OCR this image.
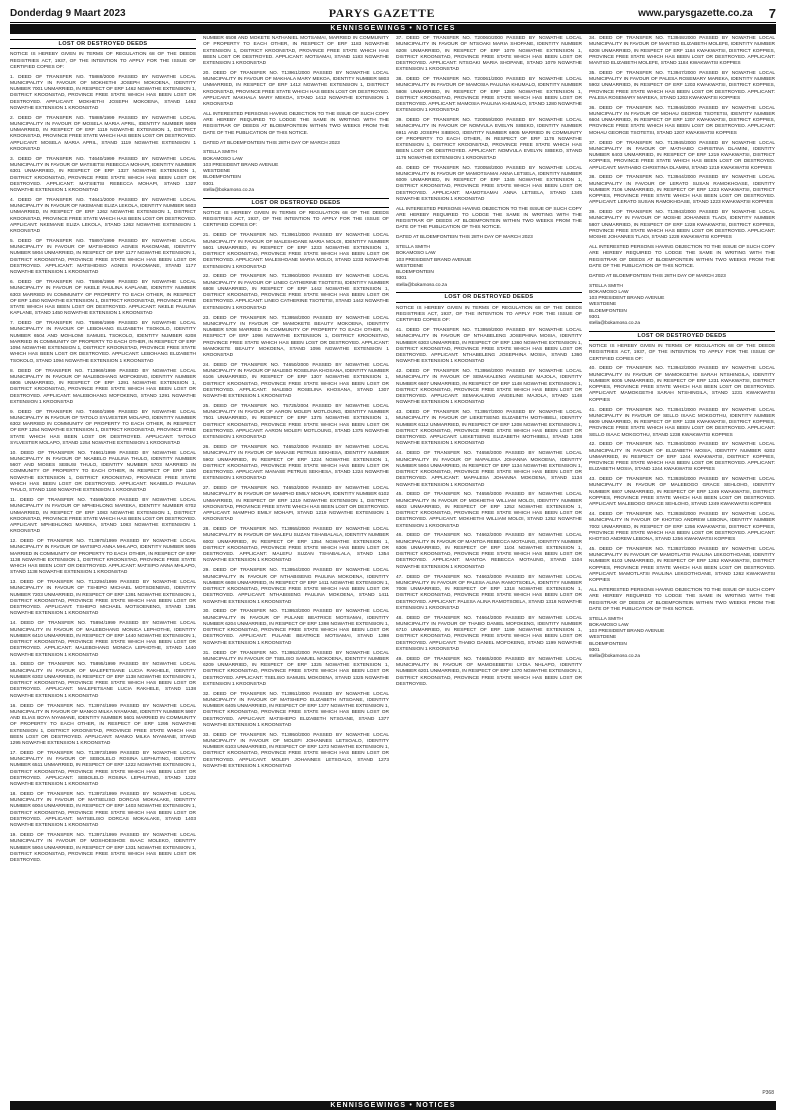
Donderdag 9 Maart 2023	PARYS GAZETTE	www.parysgazette.co.za 7
KENNISGEWINGS • NOTICES
LOST OR DESTROYED DEEDS

NOTICE IS HEREBY GIVEN IN TERMS OF REGULATION 68 OF THE DEEDS REGISTRIES ACT, 1937, OF THE INTENTION TO APPLY FOR THE ISSUE OF CERTIFIED COPIES OF:

1. DEED OF TRANSFER NO. T5888/2000 PASSED BY NGWATHE LOCAL MUNICIPALITY IN FAVOUR OF MOKHETHI JOSEPH MOKOENA, IDENTITY NUMBER 7001 UNMARRIED, IN RESPECT OF ERF 1462 NGWATHE EXTENSION 1, DISTRICT KROONSTAD, PROVINCE FREE STATE WHICH HAS BEEN LOST OR DESTROYED. APPLICANT: MOKHETHI JOSEPH MOKOENA, STAND 1462 NGWATHE EXTENSION 1 KROONSTAD

2. DEED OF TRANSFER NO. T5889/1999 PASSED BY NGWATHE LOCAL MUNICIPALITY IN FAVOUR OF MOSELA MARIA APRIL, IDENTITY NUMBER 5909 UNMARRIED, IN RESPECT OF ERF 1119 NGWATHE EXTENSION 1, DISTRICT KROONSTAD, PROVINCE FREE STATE WHICH HAS BEEN LOST OR DESTROYED. APPLICANT: MOSELA MARIA APRIL, STAND 1119 NGWATHE EXTENSION 1 KROONSTAD

3. DEED OF TRANSFER NO. T4640/1999 PASSED BY NGWATHE LOCAL MUNICIPALITY IN FAVOUR OF MATSIETSI REBECCA MOHAPI, IDENTITY NUMBER 6301 UNMARRIED, IN RESPECT OF ERF 1327 NGWATHE EXTENSION 1, DISTRICT KROONSTAD, PROVINCE FREE STATE WHICH HAS BEEN LOST OR DESTROYED. APPLICANT: MATSIETSI REBECCA MOHAPI, STAND 1327 NGWATHE EXTENSION 1 KROONSTAD

4. DEED OF TRANSFER NO. T4641/2000 PASSED BY NGWATHE LOCAL MUNICIPALITY IN FAVOUR OF NKEMANE ELIZA LEKOLA, IDENTITY NUMBER 5603 UNMARRIED, IN RESPECT OF ERF 1262 NGWATHE EXTENSION 1, DISTRICT KROONSTAD, PROVINCE FREE STATE WHICH HAS BEEN LOST OR DESTROYED. APPLICANT: NKEMANE ELIZA LEKOLA, STAND 1262 NGWATHE EXTENSION 1 KROONSTAD

5. DEED OF TRANSFER NO. T5897/1999 PASSED BY NGWATHE LOCAL MUNICIPALITY IN FAVOUR OF MATSHIDISO AGNES RAKOMANE, IDENTITY NUMBER 5904 UNMARRIED, IN RESPECT OF ERF 1177 NGWATHE EXTENSION 1, DISTRICT KROONSTAD, PROVINCE FREE STATE WHICH HAS BEEN LOST OR DESTROYED. APPLICANT: MATSHIDISO AGNES RAKOMANE, STAND 1177 NGWATHE EXTENSION 1 KROONSTAD

6. DEED OF TRANSFER NO. T5898/1999 PASSED BY NGWATHE LOCAL MUNICIPALITY IN FAVOUR OF NKELE PAULINA KAPLANE, IDENTITY NUMBER 6303 MARRIED IN COMMUNITY OF PROPERTY TO EACH OTHER, IN RESPECT OF ERF 1450 NGWATHE EXTENSION 1, DISTRICT KROONSTAD, PROVINCE FREE STATE WHICH HAS BEEN LOST OR DESTROYED. APPLICANT: NKELE PAULINA KAPLANE, STAND 1450 NGWATHE EXTENSION 1 KROONSTAD

7. DEED OF TRANSFER NO. T5898/1999 PASSED BY NGWATHE LOCAL MUNICIPALITY IN FAVOUR OF LEBOHANG ELIZABETH TSOKOLO, IDENTITY NUMBER 6504 AND MOHLOMI SAMUEL TSOKOLO, IDENTITY NUMBER 6208 MARRIED IN COMMUNITY OF PROPERTY TO EACH OTHER, IN RESPECT OF ERF 1094 NGWATHE EXTENSION 1, DISTRICT KROONSTAD, PROVINCE FREE STATE WHICH HAS BEEN LOST OR DESTROYED. APPLICANT: LEBOHANG ELIZABETH TSOKOLO, STAND 1094 NGWATHE EXTENSION 1 KROONSTAD

8. DEED OF TRANSFER NO. T13969/1999 PASSED BY NGWATHE LOCAL MUNICIPALITY IN FAVOUR OF MALEBOHANG MOFOKENG, IDENTITY NUMBER 6806 UNMARRIED, IN RESPECT OF ERF 1291 NGWATHE EXTENSION 1, DISTRICT KROONSTAD, PROVINCE FREE STATE WHICH HAS BEEN LOST OR DESTROYED. APPLICANT: MALEBOHANG MOFOKENG, STAND 1291 NGWATHE EXTENSION 1 KROONSTAD

9. DEED OF TRANSFER NO. T4660/1999 PASSED BY NGWATHE LOCAL MUNICIPALITY IN FAVOUR OF TATOLO SYLVESTER MOLAPO, IDENTITY NUMBER 6302 MARRIED IN COMMUNITY OF PROPERTY TO EACH OTHER, IN RESPECT OF ERF 1254 NGWATHE EXTENSION 1, DISTRICT KROONSTAD, PROVINCE FREE STATE WHICH HAS BEEN LOST OR DESTROYED. APPLICANT: TATOLO SYLVESTER MOLAPO, STAND 1254 NGWATHE EXTENSION 1 KROONSTAD

10. DEED OF TRANSFER NO. T4661/1999 PASSED BY NGWATHE LOCAL MUNICIPALITY IN FAVOUR OF NKABELO PAULINA THULO, IDENTITY NUMBER 5607 AND MOSES SEBUSI THULO, IDENTITY NUMBER 5703 MARRIED IN COMMUNITY OF PROPERTY TO EACH OTHER, IN RESPECT OF ERF 1160 NGWATHE EXTENSION 1, DISTRICT KROONSTAD, PROVINCE FREE STATE WHICH HAS BEEN LOST OR DESTROYED. APPLICANT: NKABELO PAULINA THULO, STAND 1160 NGWATHE EXTENSION 1 KROONSTAD

11. DEED OF TRANSFER NO. T4599/2000 PASSED BY NGWATHE LOCAL MUNICIPALITY IN FAVOUR OF MPHEHLONG MAREKA, IDENTITY NUMBER 6702 UNMARRIED, IN RESPECT OF ERF 1083 NGWATHE EXTENSION 1, DISTRICT KROONSTAD, PROVINCE FREE STATE WHICH HAS BEEN LOST OR DESTROYED. APPLICANT: MPHEHLONG MAREKA, STAND 1083 NGWATHE EXTENSION 1 KROONSTAD

12. DEED OF TRANSFER NO. T13975/1999 PASSED BY NGWATHE LOCAL MUNICIPALITY IN FAVOUR OF MATSIPO ANNA MHLAPO, IDENTITY NUMBER 5905 MARRIED IN COMMUNITY OF PROPERTY TO EACH OTHER, IN RESPECT OF ERF 1138 NGWATHE EXTENSION 1, DISTRICT KROONSTAD, PROVINCE FREE STATE WHICH HAS BEEN LOST OR DESTROYED. APPLICANT: MATSIPO ANNA MHLAPO, STAND 1138 NGWATHE EXTENSION 1 KROONSTAD

13. DEED OF TRANSFER NO. T12294/1999 PASSED BY NGWATHE LOCAL MUNICIPALITY IN FAVOUR OF TSHEPO MICHAEL MOTSOENENG, IDENTITY NUMBER 7203 UNMARRIED, IN RESPECT OF ERF 1391 NGWATHE EXTENSION 1, DISTRICT KROONSTAD, PROVINCE FREE STATE WHICH HAS BEEN LOST OR DESTROYED. APPLICANT: TSHEPO MICHAEL MOTSOENENG, STAND 1391 NGWATHE EXTENSION 1 KROONSTAD

14. DEED OF TRANSFER NO. T5894/1999 PASSED BY NGWATHE LOCAL MUNICIPALITY IN FAVOUR OF MALEBOHANG MONICA LEPHOTHE, IDENTITY NUMBER 6410 UNMARRIED, IN RESPECT OF ERF 1440 NGWATHE EXTENSION 1, DISTRICT KROONSTAD, PROVINCE FREE STATE WHICH HAS BEEN LOST OR DESTROYED. APPLICANT: MALEBOHANG MONICA LEPHOTHE, STAND 1440 NGWATHE EXTENSION 1 KROONSTAD

15. DEED OF TRANSFER NO. T5895/1999 PASSED BY NGWATHE LOCAL MUNICIPALITY IN FAVOUR OF MALEFETSANE LUCIA RAKHELE, IDENTITY NUMBER 6302 UNMARRIED, IN RESPECT OF ERF 1138 NGWATHE EXTENSION 1, DISTRICT KROONSTAD, PROVINCE FREE STATE WHICH HAS BEEN LOST OR DESTROYED. APPLICANT: MALEFETSANE LUCIA RAKHELE, STAND 1138 NGWATHE EXTENSION 1 KROONSTAD

16. DEED OF TRANSFER NO. T13974/1999 PASSED BY NGWATHE LOCAL MUNICIPALITY IN FAVOUR OF MANKO MILKA NYAMANE, IDENTITY NUMBER 5907 AND ELIAS BOYA NYAMANE, IDENTITY NUMBER 5601 MARRIED IN COMMUNITY OF PROPERTY TO EACH OTHER, IN RESPECT OF ERF 1295 NGWATHE EXTENSION 1, DISTRICT KROONSTAD, PROVINCE FREE STATE WHICH HAS BEEN LOST OR DESTROYED. APPLICANT: MANKO MILKA NYAMANE, STAND 1295 NGWATHE EXTENSION 1 KROONSTAD

17. DEED OF TRANSFER NO. T13973/1999 PASSED BY NGWATHE LOCAL MUNICIPALITY IN FAVOUR OF SEBOLELO ROSINA LEPHUTING, IDENTITY NUMBER 6511 UNMARRIED, IN RESPECT OF ERF 1222 NGWATHE EXTENSION 1, DISTRICT KROONSTAD, PROVINCE FREE STATE WHICH HAS BEEN LOST OR DESTROYED. APPLICANT: SEBOLELO ROSINA LEPHUTING, STAND 1222 NGWATHE EXTENSION 1 KROONSTAD

18. DEED OF TRANSFER NO. T13972/1999 PASSED BY NGWATHE LOCAL MUNICIPALITY IN FAVOUR OF MATSELISO DORCAS MOKALAKE, IDENTITY NUMBER 6004 UNMARRIED, IN RESPECT OF ERF 1403 NGWATHE EXTENSION 1, DISTRICT KROONSTAD, PROVINCE FREE STATE WHICH HAS BEEN LOST OR DESTROYED. APPLICANT: MATSELISO DORCAS MOKALAKE, STAND 1403 NGWATHE EXTENSION 1 KROONSTAD

19. DEED OF TRANSFER NO. T13971/1999 PASSED BY NGWATHE LOCAL MUNICIPALITY IN FAVOUR OF MOSHOESHOE ISAAC MOLEKO, IDENTITY NUMBER 5904 UNMARRIED, IN RESPECT OF ERF 1331 NGWATHE EXTENSION 1, DISTRICT KROONSTAD, PROVINCE FREE STATE WHICH HAS BEEN LOST OR DESTROYED.

NUMBER 6508 AND MOKETE NATHANIEL MOTSAMAI, MARRIED IN COMMUNITY OF PROPERTY TO EACH OTHER, IN RESPECT OF ERF 1183 NGWATHE EXTENSION 1, DISTRICT KROONSTAD, PROVINCE FREE STATE WHICH HAS BEEN LOST OR DESTROYED. APPLICANT: MOTSAMAI, STAND 1183 NGWATHE EXTENSION 1 KROONSTAD

20. DEED OF TRANSFER NO. T13961/2000 PASSED BY NGWATHE LOCAL MUNICIPALITY IN FAVOUR OF MAKHALA MARY MEKOA, IDENTITY NUMBER 5803 UNMARRIED, IN RESPECT OF ERF 1412 NGWATHE EXTENSION 1, DISTRICT KROONSTAD, PROVINCE FREE STATE WHICH HAS BEEN LOST OR DESTROYED. APPLICANT: MAKHALA MARY MEKOA, STAND 1412 NGWATHE EXTENSION 1 KROONSTAD

ALL INTERESTED PERSONS HAVING OBJECTION TO THE ISSUE OF SUCH COPY ARE HEREBY REQUIRED TO LODGE THE SAME IN WRITING WITH THE REGISTRAR OF DEEDS AT BLOEMFONTEIN WITHIN TWO WEEKS FROM THE DATE OF THE PUBLICATION OF THIS NOTICE.

DATED AT BLOEMFONTEIN THIS 28TH DAY OF MARCH 2023

STELLA SMITH
BOKAMOSO LAW
103 PRESIDENT BRAND AVENUE
WESTDENE
BLOEMFONTEIN
9301
stella@bokamoso.co.za
LOST OR DESTROYED DEEDS

NOTICE IS HEREBY GIVEN IN TERMS OF REGULATION 68 OF THE DEEDS REGISTRIES ACT, 1937, OF THE INTENTION TO APPLY FOR THE ISSUE OF CERTIFIED COPIES OF:

21. DEED OF TRANSFER NO. T13961/2000 PASSED BY NGWATHE LOCAL MUNICIPALITY IN FAVOUR OF MALESHOANE MARIA MOLOI, IDENTITY NUMBER 5601 UNMARRIED, IN RESPECT OF ERF 1233 NGWATHE EXTENSION 1, DISTRICT KROONSTAD, PROVINCE FREE STATE WHICH HAS BEEN LOST OR DESTROYED. APPLICANT: MALESHOANE MARIA MOLOI, STAND 1233 NGWATHE EXTENSION 1 KROONSTAD

22. DEED OF TRANSFER NO. T13960/2000 PASSED BY NGWATHE LOCAL MUNICIPALITY IN FAVOUR OF LINEO CATHERINE TSOTETSI, IDENTITY NUMBER 6808 UNMARRIED, IN RESPECT OF ERF 1442 NGWATHE EXTENSION 1, DISTRICT KROONSTAD, PROVINCE FREE STATE WHICH HAS BEEN LOST OR DESTROYED. APPLICANT: LINEO CATHERINE TSOTETSI, STAND 1442 NGWATHE EXTENSION 1 KROONSTAD

23. DEED OF TRANSFER NO. T13958/2000 PASSED BY NGWATHE LOCAL MUNICIPALITY IN FAVOUR OF MAMOKETE BEAUTY MOKOENA, IDENTITY NUMBER 5708 MARRIED IN COMMUNITY OF PROPERTY TO EACH OTHER, IN RESPECT OF ERF 1096 NGWATHE EXTENSION 1, DISTRICT KROONSTAD, PROVINCE FREE STATE WHICH HAS BEEN LOST OR DESTROYED. APPLICANT: MAMOKETE BEAUTY MOKOENA, STAND 1096 NGWATHE EXTENSION 1 KROONSTAD

24. DEED OF TRANSFER NO. T4650/2000 PASSED BY NGWATHE LOCAL MUNICIPALITY IN FAVOUR OF MALEBO ROSELINA KHOSANA, IDENTITY NUMBER 6106 UNMARRIED, IN RESPECT OF ERF 1307 NGWATHE EXTENSION 1, DISTRICT KROONSTAD, PROVINCE FREE STATE WHICH HAS BEEN LOST OR DESTROYED. APPLICANT: MALEBO ROSELINA KHOSANA, STAND 1307 NGWATHE EXTENSION 1 KROONSTAD

25. DEED OF TRANSFER NO. T5725/2004 PASSED BY NGWATHE LOCAL MUNICIPALITY IN FAVOUR OF AARON MOLEFI MOTLOUNG, IDENTITY NUMBER 7501 UNMARRIED, IN RESPECT OF ERF 1375 NGWATHE EXTENSION 1, DISTRICT KROONSTAD, PROVINCE FREE STATE WHICH HAS BEEN LOST OR DESTROYED. APPLICANT: AARON MOLEFI MOTLOUNG, STAND 1375 NGWATHE EXTENSION 1 KROONSTAD

26. DEED OF TRANSFER NO. T4652/2000 PASSED BY NGWATHE LOCAL MUNICIPALITY IN FAVOUR OF MANASE PETRUS SEKHESA, IDENTITY NUMBER 5902 UNMARRIED, IN RESPECT OF ERF 1224 NGWATHE EXTENSION 1, DISTRICT KROONSTAD, PROVINCE FREE STATE WHICH HAS BEEN LOST OR DESTROYED. APPLICANT: MANASE PETRUS SEKHESA, STAND 1224 NGWATHE EXTENSION 1 KROONSTAD

27. DEED OF TRANSFER NO. T4653/2000 PASSED BY NGWATHE LOCAL MUNICIPALITY IN FAVOUR OF MAMPHO EMILY MOHAPI, IDENTITY NUMBER 6102 UNMARRIED, IN RESPECT OF ERF 1219 NGWATHE EXTENSION 1, DISTRICT KROONSTAD, PROVINCE FREE STATE WHICH HAS BEEN LOST OR DESTROYED. APPLICANT: MAMPHO EMILY MOHAPI, STAND 1219 NGWATHE EXTENSION 1 KROONSTAD

28. DEED OF TRANSFER NO. T13955/2000 PASSED BY NGWATHE LOCAL MUNICIPALITY IN FAVOUR OF MALEFU SUZAN TSHABALALA, IDENTITY NUMBER 6002 UNMARRIED, IN RESPECT OF ERF 1354 NGWATHE EXTENSION 1, DISTRICT KROONSTAD, PROVINCE FREE STATE WHICH HAS BEEN LOST OR DESTROYED. APPLICANT: MALEFU SUZAN TSHABALALA, STAND 1354 NGWATHE EXTENSION 1 KROONSTAD

29. DEED OF TRANSFER NO. T13954/2000 PASSED BY NGWATHE LOCAL MUNICIPALITY IN FAVOUR OF NTHABISENG PAULINA MOKOENA, IDENTITY NUMBER 6608 UNMARRIED, IN RESPECT OF ERF 1411 NGWATHE EXTENSION 1, DISTRICT KROONSTAD, PROVINCE FREE STATE WHICH HAS BEEN LOST OR DESTROYED. APPLICANT: NTHABISENG PAULINA MOKOENA, STAND 1411 NGWATHE EXTENSION 1 KROONSTAD

30. DEED OF TRANSFER NO. T13953/2000 PASSED BY NGWATHE LOCAL MUNICIPALITY IN FAVOUR OF PULANE BEATRICE MOTSAMAI, IDENTITY NUMBER 6204 UNMARRIED, IN RESPECT OF ERF 1398 NGWATHE EXTENSION 1, DISTRICT KROONSTAD, PROVINCE FREE STATE WHICH HAS BEEN LOST OR DESTROYED. APPLICANT: PULANE BEATRICE MOTSAMAI, STAND 1398 NGWATHE EXTENSION 1 KROONSTAD

31. DEED OF TRANSFER NO. T13952/2000 PASSED BY NGWATHE LOCAL MUNICIPALITY IN FAVOUR OF TSELISO SAMUEL MOKOENA, IDENTITY NUMBER 6209 UNMARRIED, IN RESPECT OF ERF 1325 NGWATHE EXTENSION 1, DISTRICT KROONSTAD, PROVINCE FREE STATE WHICH HAS BEEN LOST OR DESTROYED. APPLICANT: TSELISO SAMUEL MOKOENA, STAND 1325 NGWATHE EXTENSION 1 KROONSTAD

32. DEED OF TRANSFER NO. T13951/2000 PASSED BY NGWATHE LOCAL MUNICIPALITY IN FAVOUR OF MATSHEPO ELIZABETH NTSOANE, IDENTITY NUMBER 6405 UNMARRIED, IN RESPECT OF ERF 1377 NGWATHE EXTENSION 1, DISTRICT KROONSTAD, PROVINCE FREE STATE WHICH HAS BEEN LOST OR DESTROYED. APPLICANT: MATSHEPO ELIZABETH NTSOANE, STAND 1377 NGWATHE EXTENSION 1 KROONSTAD

33. DEED OF TRANSFER NO. T13950/2000 PASSED BY NGWATHE LOCAL MUNICIPALITY IN FAVOUR OF MOLEFI JOHANNES LETSOALO, IDENTITY NUMBER 6103 UNMARRIED, IN RESPECT OF ERF 1273 NGWATHE EXTENSION 1, DISTRICT KROONSTAD, PROVINCE FREE STATE WHICH HAS BEEN LOST OR DESTROYED. APPLICANT: MOLEFI JOHANNES LETSOALO, STAND 1273 NGWATHE EXTENSION 1 KROONSTAD

37. DEED OF TRANSFER NO. T20060/2000 PASSED BY NGWATHE LOCAL MUNICIPALITY IN FAVOUR OF NTSOAKI MARIA SHOPANE, IDENTITY NUMBER 6208 UNMARRIED, IN RESPECT OF ERF 1079 NGWATHE EXTENSION 1, DISTRICT KROONSTAD, PROVINCE FREE STATE WHICH HAS BEEN LOST OR DESTROYED. APPLICANT: NTSOAKI MARIA SHOPANE, STAND 1079 NGWATHE EXTENSION 1 KROONSTAD

38. DEED OF TRANSFER NO. T20061/2000 PASSED BY NGWATHE LOCAL MUNICIPALITY IN FAVOUR OF MAMOSIA PAULINA KHUMALO, IDENTITY NUMBER 5808 UNMARRIED, IN RESPECT OF ERF 1280 NGWATHE EXTENSION 1, DISTRICT KROONSTAD, PROVINCE FREE STATE WHICH HAS BEEN LOST OR DESTROYED. APPLICANT: MAMOSIA PAULINA KHUMALO, STAND 1280 NGWATHE EXTENSION 1 KROONSTAD

39. DEED OF TRANSFER NO. T20059/2000 PASSED BY NGWATHE LOCAL MUNICIPALITY IN FAVOUR OF NOMVULA EVELYN SIBEKO, IDENTITY NUMBER 6911 AND JOSEPH SIBEKO, IDENTITY NUMBER 6805 MARRIED IN COMMUNITY OF PROPERTY TO EACH OTHER, IN RESPECT OF ERF 1176 NGWATHE EXTENSION 1, DISTRICT KROONSTAD, PROVINCE FREE STATE WHICH HAS BEEN LOST OR DESTROYED. APPLICANT: NOMVULA EVELYN SIBEKO, STAND 1176 NGWATHE EXTENSION 1 KROONSTAD

40. DEED OF TRANSFER NO. T20058/2000 PASSED BY NGWATHE LOCAL MUNICIPALITY IN FAVOUR OF MAMOTSAMAI ANNA LETSELA, IDENTITY NUMBER 6009 UNMARRIED, IN RESPECT OF ERF 1345 NGWATHE EXTENSION 1, DISTRICT KROONSTAD, PROVINCE FREE STATE WHICH HAS BEEN LOST OR DESTROYED. APPLICANT: MAMOTSAMAI ANNA LETSELA, STAND 1345 NGWATHE EXTENSION 1 KROONSTAD

ALL INTERESTED PERSONS HAVING OBJECTION TO THE ISSUE OF SUCH COPY ARE HEREBY REQUIRED TO LODGE THE SAME IN WRITING WITH THE REGISTRAR OF DEEDS AT BLOEMFONTEIN WITHIN TWO WEEKS FROM THE DATE OF THE PUBLICATION OF THIS NOTICE.

DATED AT BLOEMFONTEIN THIS 28TH DAY OF MARCH 2023

STELLA SMITH
BOKAMOSO LAW
103 PRESIDENT BRAND AVENUE
WESTDENE
BLOEMFONTEIN
9301
stella@bokamoso.co.za
LOST OR DESTROYED DEEDS

NOTICE IS HEREBY GIVEN IN TERMS OF REGULATION 68 OF THE DEEDS REGISTRIES ACT, 1937, OF THE INTENTION TO APPLY FOR THE ISSUE OF CERTIFIED COPIES OF:

41. DEED OF TRANSFER NO. T13959/2000 PASSED BY NGWATHE LOCAL MUNICIPALITY IN FAVOUR OF NTHABELENG JOSEPHINA MOSIA, IDENTITY NUMBER 6303 UNMARRIED, IN RESPECT OF ERF 1360 NGWATHE EXTENSION 1, DISTRICT KROONSTAD, PROVINCE FREE STATE WHICH HAS BEEN LOST OR DESTROYED. APPLICANT: NTHABELENG JOSEPHINA MOSIA, STAND 1360 NGWATHE EXTENSION 1 KROONSTAD

42. DEED OF TRANSFER NO. T13956/2000 PASSED BY NGWATHE LOCAL MUNICIPALITY IN FAVOUR OF SEMAKALENG ANGELINE MAJOLA, IDENTITY NUMBER 6607 UNMARRIED, IN RESPECT OF ERF 1148 NGWATHE EXTENSION 1, DISTRICT KROONSTAD, PROVINCE FREE STATE WHICH HAS BEEN LOST OR DESTROYED. APPLICANT: SEMAKALENG ANGELINE MAJOLA, STAND 1148 NGWATHE EXTENSION 1 KROONSTAD

43. DEED OF TRANSFER NO. T13957/2000 PASSED BY NGWATHE LOCAL MUNICIPALITY IN FAVOUR OF LIEKETSENG ELIZABETH MOTHIBELI, IDENTITY NUMBER 6112 UNMARRIED, IN RESPECT OF ERF 1208 NGWATHE EXTENSION 1, DISTRICT KROONSTAD, PROVINCE FREE STATE WHICH HAS BEEN LOST OR DESTROYED. APPLICANT: LIEKETSENG ELIZABETH MOTHIBELI, STAND 1208 NGWATHE EXTENSION 1 KROONSTAD

44. DEED OF TRANSFER NO. T4658/2000 PASSED BY NGWATHE LOCAL MUNICIPALITY IN FAVOUR OF MAPALESA JOHANNA MOKOENA, IDENTITY NUMBER 5904 UNMARRIED, IN RESPECT OF ERF 1134 NGWATHE EXTENSION 1, DISTRICT KROONSTAD, PROVINCE FREE STATE WHICH HAS BEEN LOST OR DESTROYED. APPLICANT: MAPALESA JOHANNA MOKOENA, STAND 1134 NGWATHE EXTENSION 1 KROONSTAD

45. DEED OF TRANSFER NO. T4659/2000 PASSED BY NGWATHE LOCAL MUNICIPALITY IN FAVOUR OF MOKHETHI WILLIAM MOLOI, IDENTITY NUMBER 6503 UNMARRIED, IN RESPECT OF ERF 1252 NGWATHE EXTENSION 1, DISTRICT KROONSTAD, PROVINCE FREE STATE WHICH HAS BEEN LOST OR DESTROYED. APPLICANT: MOKHETHI WILLIAM MOLOI, STAND 1252 NGWATHE EXTENSION 1 KROONSTAD

46. DEED OF TRANSFER NO. T4662/2000 PASSED BY NGWATHE LOCAL MUNICIPALITY IN FAVOUR OF MANTOA REBECCA MOTAUNG, IDENTITY NUMBER 6306 UNMARRIED, IN RESPECT OF ERF 1104 NGWATHE EXTENSION 1, DISTRICT KROONSTAD, PROVINCE FREE STATE WHICH HAS BEEN LOST OR DESTROYED. APPLICANT: MANTOA REBECCA MOTAUNG, STAND 1104 NGWATHE EXTENSION 1 KROONSTAD

47. DEED OF TRANSFER NO. T4663/2000 PASSED BY NGWATHE LOCAL MUNICIPALITY IN FAVOUR OF PALESA ALINA RAMOTSOELA, IDENTITY NUMBER 7008 UNMARRIED, IN RESPECT OF ERF 1318 NGWATHE EXTENSION 1, DISTRICT KROONSTAD, PROVINCE FREE STATE WHICH HAS BEEN LOST OR DESTROYED. APPLICANT: PALESA ALINA RAMOTSOELA, STAND 1318 NGWATHE EXTENSION 1 KROONSTAD

48. DEED OF TRANSFER NO. T4664/2000 PASSED BY NGWATHE LOCAL MUNICIPALITY IN FAVOUR OF THABO DANIEL MOFOKENG, IDENTITY NUMBER 6710 UNMARRIED, IN RESPECT OF ERF 1199 NGWATHE EXTENSION 1, DISTRICT KROONSTAD, PROVINCE FREE STATE WHICH HAS BEEN LOST OR DESTROYED. APPLICANT: THABO DANIEL MOFOKENG, STAND 1199 NGWATHE EXTENSION 1 KROONSTAD

49. DEED OF TRANSFER NO. T4665/2000 PASSED BY NGWATHE LOCAL MUNICIPALITY IN FAVOUR OF MAMOSEBETSI LYDIA NHLAPO, IDENTITY NUMBER 6201 UNMARRIED, IN RESPECT OF ERF 1370 NGWATHE EXTENSION 1, DISTRICT KROONSTAD, PROVINCE FREE STATE WHICH HAS BEEN LOST OR DESTROYED.

34. DEED OF TRANSFER NO. T13948/2000 PASSED BY NGWATHE LOCAL MUNICIPALITY IN FAVOUR OF MANTSO ELIZABETH MOLEFE, IDENTITY NUMBER 6208 UNMARRIED, IN RESPECT OF ERF 1184 KWAKWATSI, DISTRICT KOPPIES, PROVINCE FREE STATE WHICH HAS BEEN LOST OR DESTROYED. APPLICANT: MANTSO ELIZABETH MOLEFE, STAND 1184 KWAKWATSI KOPPIES

35. DEED OF TRANSFER NO. T13947/2000 PASSED BY NGWATHE LOCAL MUNICIPALITY IN FAVOUR OF PALESA ROSEMARY MAREKA, IDENTITY NUMBER 5902 UNMARRIED, IN RESPECT OF ERF 1203 KWAKWATSI, DISTRICT KOPPIES, PROVINCE FREE STATE WHICH HAS BEEN LOST OR DESTROYED. APPLICANT: PALESA ROSEMARY MAREKA, STAND 1203 KWAKWATSI KOPPIES

36. DEED OF TRANSFER NO. T13946/2000 PASSED BY NGWATHE LOCAL MUNICIPALITY IN FAVOUR OF MOHAU GEORGE TSOTETSI, IDENTITY NUMBER 6604 UNMARRIED, IN RESPECT OF ERF 1207 KWAKWATSI, DISTRICT KOPPIES, PROVINCE FREE STATE WHICH HAS BEEN LOST OR DESTROYED. APPLICANT: MOHAU GEORGE TSOTETSI, STAND 1207 KWAKWATSI KOPPIES

37. DEED OF TRANSFER NO. T13945/2000 PASSED BY NGWATHE LOCAL MUNICIPALITY IN FAVOUR OF MATHABO CHRISTINA DLAMINI, IDENTITY NUMBER 6403 UNMARRIED, IN RESPECT OF ERF 1219 KWAKWATSI, DISTRICT KOPPIES, PROVINCE FREE STATE WHICH HAS BEEN LOST OR DESTROYED. APPLICANT: MATHABO CHRISTINA DLAMINI, STAND 1219 KWAKWATSI KOPPIES

38. DEED OF TRANSFER NO. T13944/2000 PASSED BY NGWATHE LOCAL MUNICIPALITY IN FAVOUR OF LERATO SUSAN RAMOKHOASE, IDENTITY NUMBER 7106 UNMARRIED, IN RESPECT OF ERF 1223 KWAKWATSI, DISTRICT KOPPIES, PROVINCE FREE STATE WHICH HAS BEEN LOST OR DESTROYED. APPLICANT: LERATO SUSAN RAMOKHOASE, STAND 1223 KWAKWATSI KOPPIES

39. DEED OF TRANSFER NO. T13943/2000 PASSED BY NGWATHE LOCAL MUNICIPALITY IN FAVOUR OF MOSHE JOHANNES TLADI, IDENTITY NUMBER 5807 UNMARRIED, IN RESPECT OF ERF 1228 KWAKWATSI, DISTRICT KOPPIES, PROVINCE FREE STATE WHICH HAS BEEN LOST OR DESTROYED. APPLICANT: MOSHE JOHANNES TLADI, STAND 1228 KWAKWATSI KOPPIES

ALL INTERESTED PERSONS HAVING OBJECTION TO THE ISSUE OF SUCH COPY ARE HEREBY REQUIRED TO LODGE THE SAME IN WRITING WITH THE REGISTRAR OF DEEDS AT BLOEMFONTEIN WITHIN TWO WEEKS FROM THE DATE OF THE PUBLICATION OF THIS NOTICE.

DATED AT BLOEMFONTEIN THIS 28TH DAY OF MARCH 2023

STELLA SMITH
BOKAMOSO LAW
103 PRESIDENT BRAND AVENUE
WESTDENE
BLOEMFONTEIN
9301
stella@bokamoso.co.za
LOST OR DESTROYED DEEDS

NOTICE IS HEREBY GIVEN IN TERMS OF REGULATION 68 OF THE DEEDS REGISTRIES ACT, 1937, OF THE INTENTION TO APPLY FOR THE ISSUE OF CERTIFIED COPIES OF:

40. DEED OF TRANSFER NO. T13942/2000 PASSED BY NGWATHE LOCAL MUNICIPALITY IN FAVOUR OF MAMOKGETHI SARAH NTSHINGILA, IDENTITY NUMBER 6005 UNMARRIED, IN RESPECT OF ERF 1231 KWAKWATSI, DISTRICT KOPPIES, PROVINCE FREE STATE WHICH HAS BEEN LOST OR DESTROYED. APPLICANT: MAMOKGETHI SARAH NTSHINGILA, STAND 1231 KWAKWATSI KOPPIES

41. DEED OF TRANSFER NO. T13941/2000 PASSED BY NGWATHE LOCAL MUNICIPALITY IN FAVOUR OF SELLO ISAAC MOKGOTHU, IDENTITY NUMBER 6609 UNMARRIED, IN RESPECT OF ERF 1238 KWAKWATSI, DISTRICT KOPPIES, PROVINCE FREE STATE WHICH HAS BEEN LOST OR DESTROYED. APPLICANT: SELLO ISAAC MOKGOTHU, STAND 1238 KWAKWATSI KOPPIES

42. DEED OF TRANSFER NO. T13940/2000 PASSED BY NGWATHE LOCAL MUNICIPALITY IN FAVOUR OF ELIZABETH MOSIA, IDENTITY NUMBER 6202 UNMARRIED, IN RESPECT OF ERF 1244 KWAKWATSI, DISTRICT KOPPIES, PROVINCE FREE STATE WHICH HAS BEEN LOST OR DESTROYED. APPLICANT: ELIZABETH MOSIA, STAND 1244 KWAKWATSI KOPPIES

43. DEED OF TRANSFER NO. T13939/2000 PASSED BY NGWATHE LOCAL MUNICIPALITY IN FAVOUR OF MALEBOGO GRACE SEHLOHO, IDENTITY NUMBER 6807 UNMARRIED, IN RESPECT OF ERF 1249 KWAKWATSI, DISTRICT KOPPIES, PROVINCE FREE STATE WHICH HAS BEEN LOST OR DESTROYED. APPLICANT: MALEBOGO GRACE SEHLOHO, STAND 1249 KWAKWATSI KOPPIES

44. DEED OF TRANSFER NO. T13938/2000 PASSED BY NGWATHE LOCAL MUNICIPALITY IN FAVOUR OF KHOTSO ANDREW LEBONA, IDENTITY NUMBER 7002 UNMARRIED, IN RESPECT OF ERF 1256 KWAKWATSI, DISTRICT KOPPIES, PROVINCE FREE STATE WHICH HAS BEEN LOST OR DESTROYED. APPLICANT: KHOTSO ANDREW LEBONA, STAND 1256 KWAKWATSI KOPPIES

45. DEED OF TRANSFER NO. T13937/2000 PASSED BY NGWATHE LOCAL MUNICIPALITY IN FAVOUR OF MAMOTLATSI PAULINA LEKGOTHOANE, IDENTITY NUMBER 6103 UNMARRIED, IN RESPECT OF ERF 1262 KWAKWATSI, DISTRICT KOPPIES, PROVINCE FREE STATE WHICH HAS BEEN LOST OR DESTROYED. APPLICANT: MAMOTLATSI PAULINA LEKGOTHOANE, STAND 1262 KWAKWATSI KOPPIES

ALL INTERESTED PERSONS HAVING OBJECTION TO THE ISSUE OF SUCH COPY ARE HEREBY REQUIRED TO LODGE THE SAME IN WRITING WITH THE REGISTRAR OF DEEDS AT BLOEMFONTEIN WITHIN TWO WEEKS FROM THE DATE OF THE PUBLICATION OF THIS NOTICE.

STELLA SMITH
BOKAMOSO LAW
103 PRESIDENT BRAND AVENUE
WESTDENE
BLOEMFONTEIN
9301
stella@bokamoso.co.za
P368
KENNISGEWINGS • NOTICES
